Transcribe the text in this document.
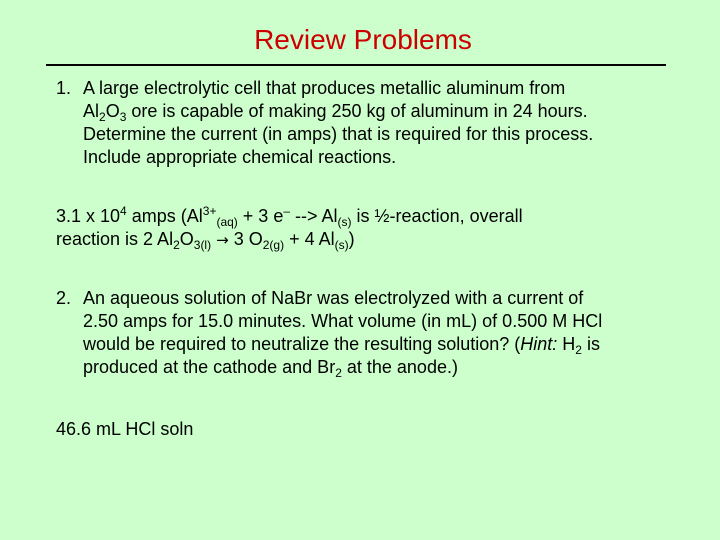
Review Problems
1. A large electrolytic cell that produces metallic aluminum from
$Al_2O_3$ ore is capable of making 250 kg of aluminum in 24 hours.
Determine the current (in amps) that is required for this process.
Include appropriate chemical reactions.
3.1 x $10^4$ amps ($Al^{3+}_{(aq)} + 3$ e– --> $Al_{(s)}$ is ½-reaction, overall
reaction is 2 $Al_2O_{3(l)} \to 3$ $O_{2(g)} + 4$ $Al_{(s)}$)
2. An aqueous solution of NaBr was electrolyzed with a current of
2.50 amps for 15.0 minutes. What volume (in mL) of 0.500 M HCl
would be required to neutralize the resulting solution? (Hint: $H_2$ is
produced at the cathode and $Br_2$ at the anode.)
46.6 mL HCl soln
